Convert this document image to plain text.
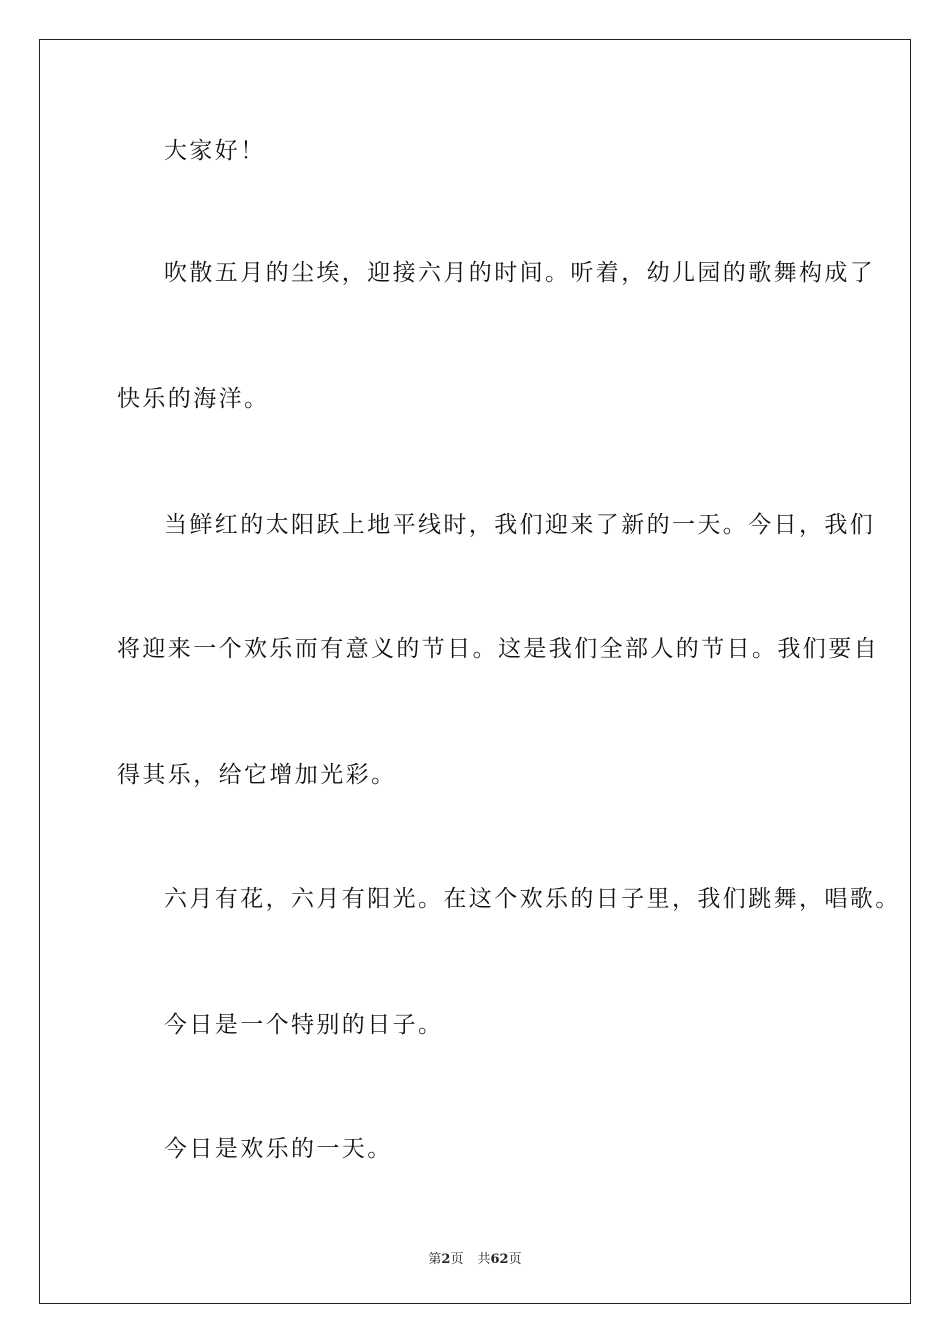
大家好！
吹散五月的尘埃，迎接六月的时间。听着，幼儿园的歌舞构成了
快乐的海洋。
当鲜红的太阳跃上地平线时，我们迎来了新的一天。今日，我们
将迎来一个欢乐而有意义的节日。这是我们全部人的节日。我们要自
得其乐，给它增加光彩。
六月有花，六月有阳光。在这个欢乐的日子里，我们跳舞，唱歌。
今日是一个特别的日子。
今日是欢乐的一天。
第2页 共62页
